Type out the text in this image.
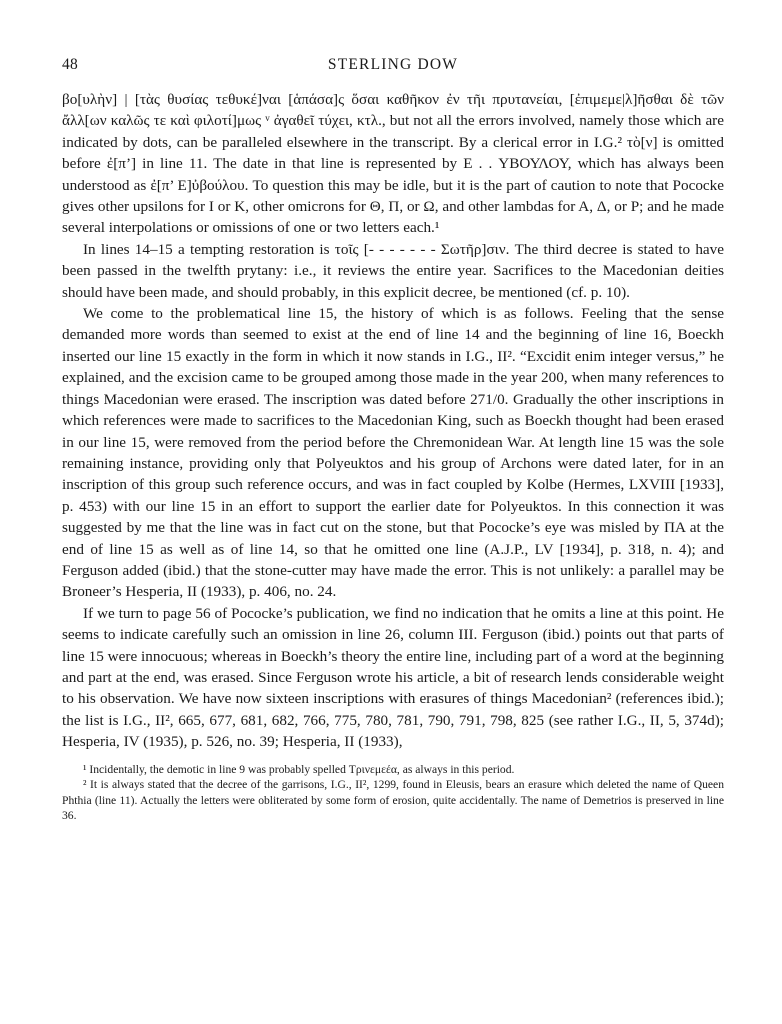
48	STERLING DOW

βο[υλὴν] | [τὰς θυσίας τεθυκέ]ναι [ἁπάσα]ς ὅσαι καθῆκον ἐν τῆι πρυτανείαι, [ἐπιμεμε|λ]ῆσθαι δὲ τῶν ἄλλ[ων καλῶς τε καὶ φιλοτί]μως ᵛ ἀγαθεῖ τύχει, κτλ., but not all the errors involved, namely those which are indicated by dots, can be paralleled elsewhere in the transcript. By a clerical error in I.G.² τὸ[ν] is omitted before ἐ[π’] in line 11. The date in that line is represented by E . . ΥΒΟΥΛΟΥ, which has always been understood as ἐ[π’ E]ὐβούλου. To question this may be idle, but it is the part of caution to note that Pococke gives other upsilons for I or K, other omicrons for Θ, Π, or Ω, and other lambdas for A, Δ, or P; and he made several interpolations or omissions of one or two letters each.¹

In lines 14–15 a tempting restoration is τοῖς [- - - - - - - Σωτῆρ]σιν. The third decree is stated to have been passed in the twelfth prytany: i.e., it reviews the entire year. Sacrifices to the Macedonian deities should have been made, and should probably, in this explicit decree, be mentioned (cf. p. 10).

We come to the problematical line 15, the history of which is as follows. Feeling that the sense demanded more words than seemed to exist at the end of line 14 and the beginning of line 16, Boeckh inserted our line 15 exactly in the form in which it now stands in I.G., II². “Excidit enim integer versus,” he explained, and the excision came to be grouped among those made in the year 200, when many references to things Macedonian were erased. The inscription was dated before 271/0. Gradually the other inscriptions in which references were made to sacrifices to the Macedonian King, such as Boeckh thought had been erased in our line 15, were removed from the period before the Chremonidean War. At length line 15 was the sole remaining instance, providing only that Polyeuktos and his group of Archons were dated later, for in an inscription of this group such reference occurs, and was in fact coupled by Kolbe (Hermes, LXVIII [1933], p. 453) with our line 15 in an effort to support the earlier date for Polyeuktos. In this connection it was suggested by me that the line was in fact cut on the stone, but that Pococke’s eye was misled by ΠA at the end of line 15 as well as of line 14, so that he omitted one line (A.J.P., LV [1934], p. 318, n. 4); and Ferguson added (ibid.) that the stone-cutter may have made the error. This is not unlikely: a parallel may be Broneer’s Hesperia, II (1933), p. 406, no. 24.

If we turn to page 56 of Pococke’s publication, we find no indication that he omits a line at this point. He seems to indicate carefully such an omission in line 26, column III. Ferguson (ibid.) points out that parts of line 15 were innocuous; whereas in Boeckh’s theory the entire line, including part of a word at the beginning and part at the end, was erased. Since Ferguson wrote his article, a bit of research lends considerable weight to his observation. We have now sixteen inscriptions with erasures of things Macedonian² (references ibid.); the list is I.G., II², 665, 677, 681, 682, 766, 775, 780, 781, 790, 791, 798, 825 (see rather I.G., II, 5, 374d); Hesperia, IV (1935), p. 526, no. 39; Hesperia, II (1933),

¹ Incidentally, the demotic in line 9 was probably spelled Τρινεμεέα, as always in this period.

² It is always stated that the decree of the garrisons, I.G., II², 1299, found in Eleusis, bears an erasure which deleted the name of Queen Phthia (line 11). Actually the letters were obliterated by some form of erosion, quite accidentally. The name of Demetrios is preserved in line 36.
